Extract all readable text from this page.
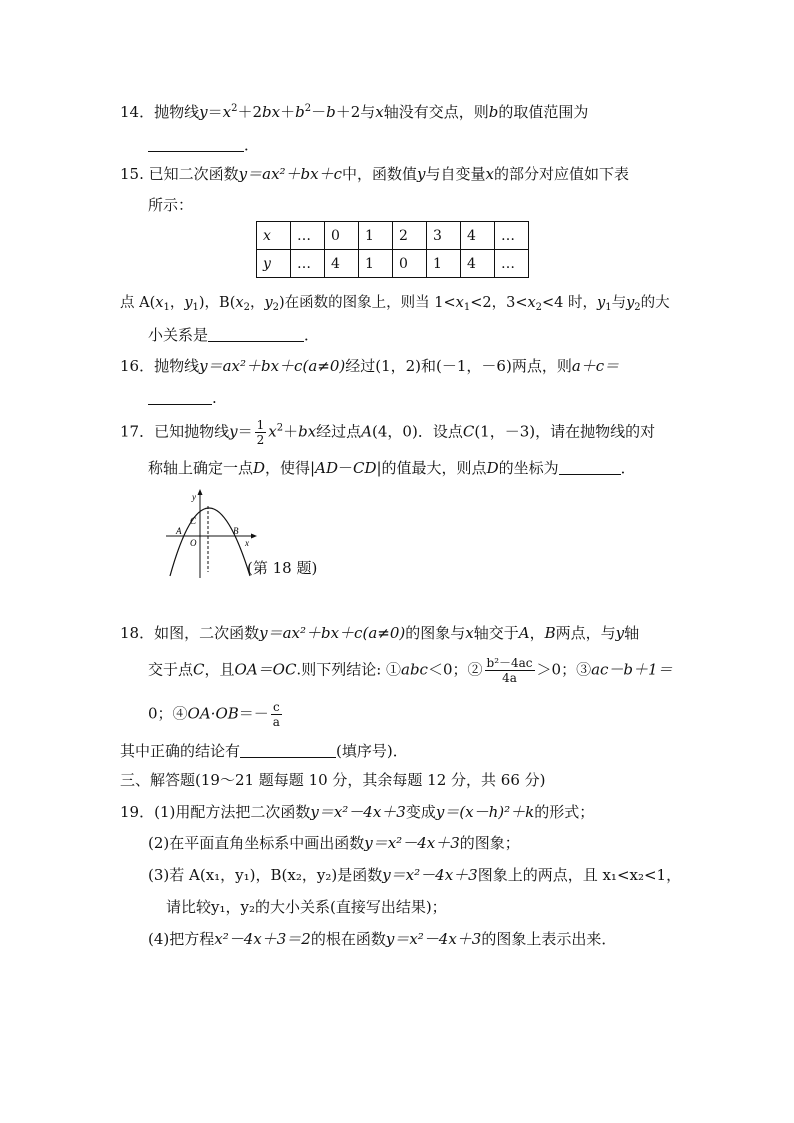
14．抛物线$y=x^2+2bx+b^2-b+2$与x轴没有交点，则b的取值范围为
．
15. 已知二次函数y＝ax²＋bx＋c中，函数值y与自变量x的部分对应值如下表
所示：
x	…	0	1	2	3	4	…
y	…	4	1	0	1	4	…
点 $A(x_1$，$y_1$)，$B(x_2$，$y_2$)在函数的图象上，则当 $1<x_1<2$，$3<x_2<4$ 时，$y_1$与$y_2$的大
小关系是	．
16．抛物线y＝ax²＋bx＋c(a≠0)经过(1，2)和(－1，－6)两点，则a＋c＝
.
17．已知抛物线$y= \frac{1}{2} x^2+bx$经过点A(4，0)．设点C(1，－3)，请在抛物线的对
称轴上确定一点D，使得|AD－CD|的值最大，则点D的坐标为	．
y
x
A	B
C
O
(第 18 题)
18．如图，二次函数y＝ax²＋bx＋c(a≠0)的图象与x轴交于A，B两点，与y轴
交于点C，且OA＝OC.则下列结论: ①abc＜0；② $\frac{\text{b²－4ac}}{4a} >0$；③ac－b＋1＝
0；④OA·OB＝－ $\frac{c}{a}$
其中正确的结论有	(填序号)．
三、解答题(19～21 题每题 10 分，其余每题 12 分，共 66 分)
19．(1)用配方法把二次函数y＝x²－4x＋3变成y＝(x－h)²＋k的形式；
(2)在平面直角坐标系中画出函数y＝x²－4x＋3的图象；
(3)若 A(x₁，y₁)，B(x₂，y₂)是函数y＝x²－4x＋3图象上的两点，且 x₁<x₂<1，
请比较y₁，y₂的大小关系(直接写出结果)；
(4)把方程x²－4x＋3＝2的根在函数y＝x²－4x＋3的图象上表示出来．
